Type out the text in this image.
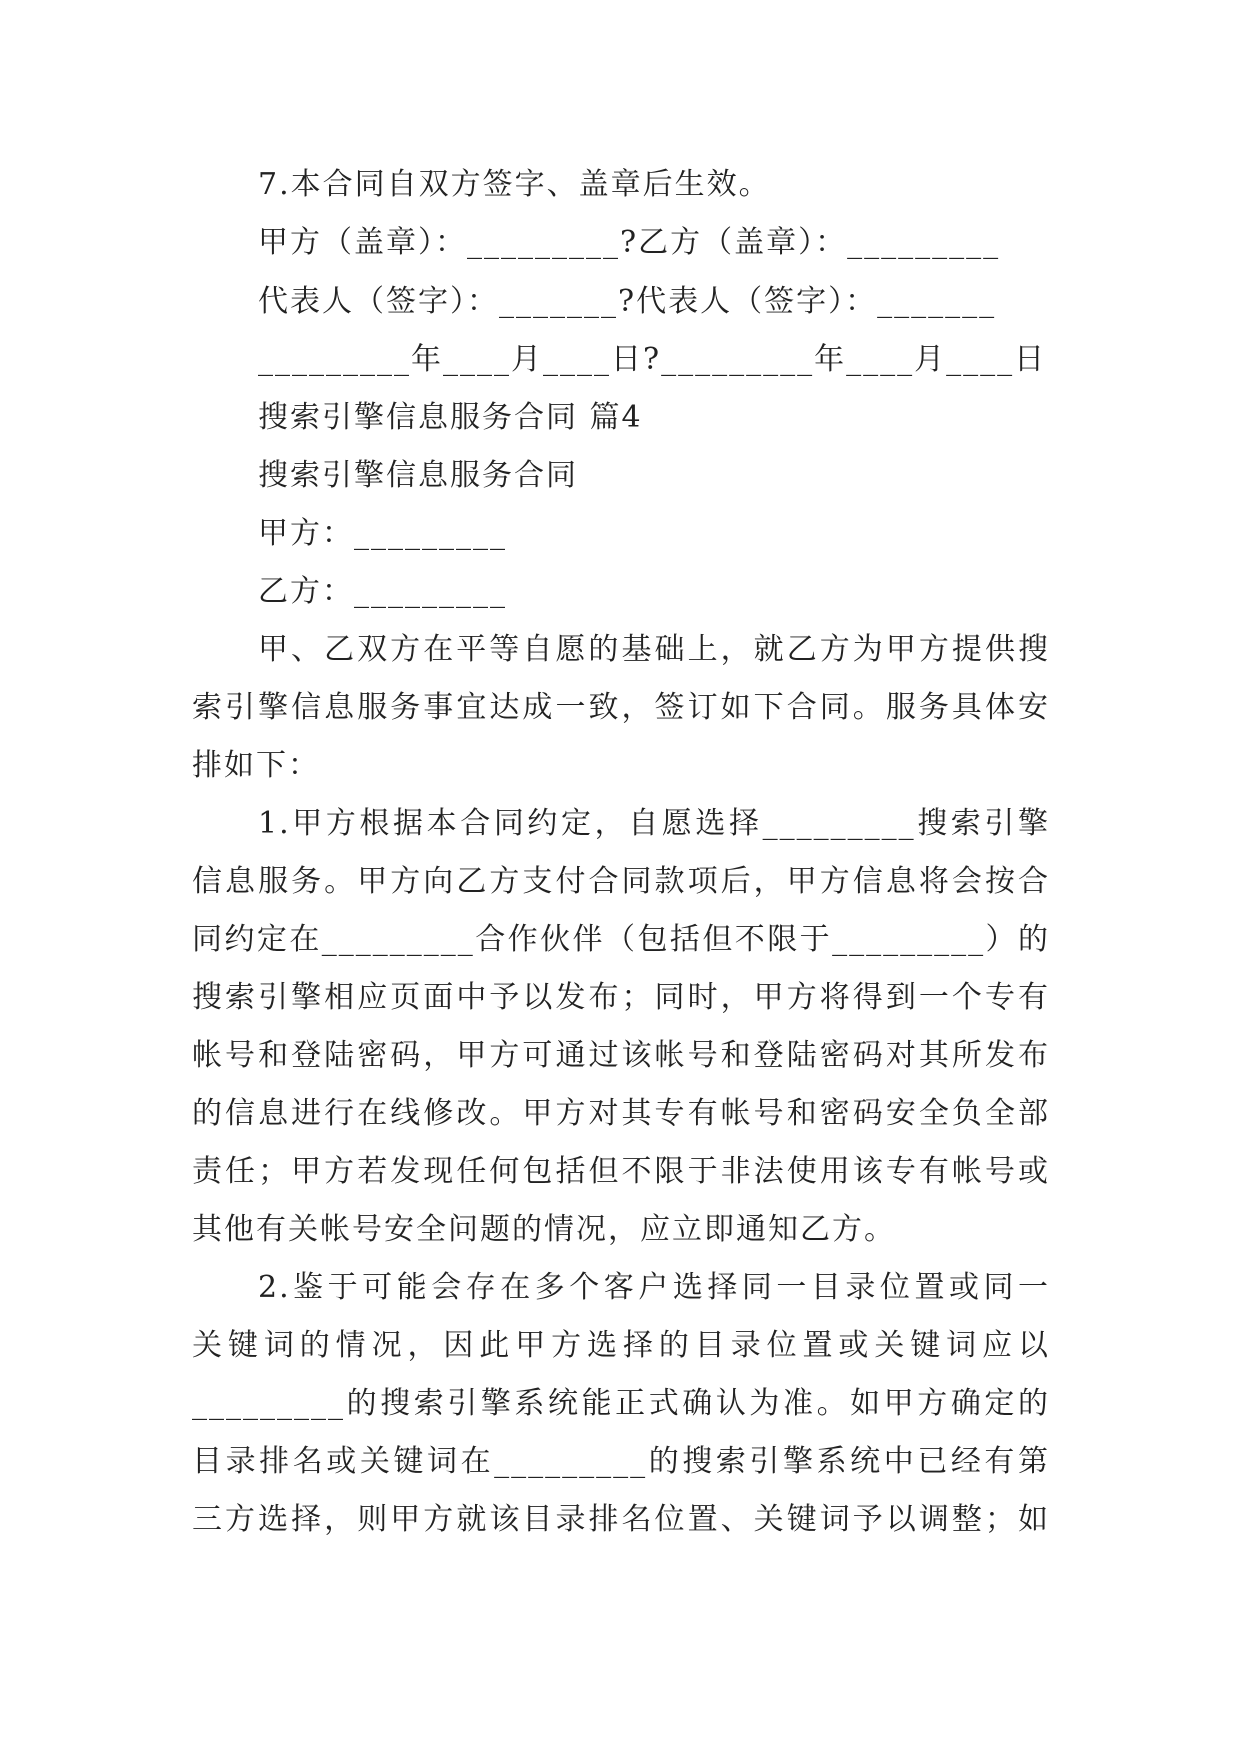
7.本合同自双方签字、盖章后生效。
甲方（盖章）：_________?乙方（盖章）：_________
代表人（签字）：_______?代表人（签字）：_______
_________年____月____日?_________年____月____日
搜索引擎信息服务合同 篇4
搜索引擎信息服务合同
甲方：_________
乙方：_________
甲、乙双方在平等自愿的基础上，就乙方为甲方提供搜
索引擎信息服务事宜达成一致，签订如下合同。服务具体安
排如下：
1.甲方根据本合同约定，自愿选择_________搜索引擎
信息服务。甲方向乙方支付合同款项后，甲方信息将会按合
同约定在_________合作伙伴（包括但不限于_________）的
搜索引擎相应页面中予以发布；同时，甲方将得到一个专有
帐号和登陆密码，甲方可通过该帐号和登陆密码对其所发布
的信息进行在线修改。甲方对其专有帐号和密码安全负全部
责任；甲方若发现任何包括但不限于非法使用该专有帐号或
其他有关帐号安全问题的情况，应立即通知乙方。
2.鉴于可能会存在多个客户选择同一目录位置或同一
关键词的情况，因此甲方选择的目录位置或关键词应以
_________的搜索引擎系统能正式确认为准。如甲方确定的
目录排名或关键词在_________的搜索引擎系统中已经有第
三方选择，则甲方就该目录排名位置、关键词予以调整；如
